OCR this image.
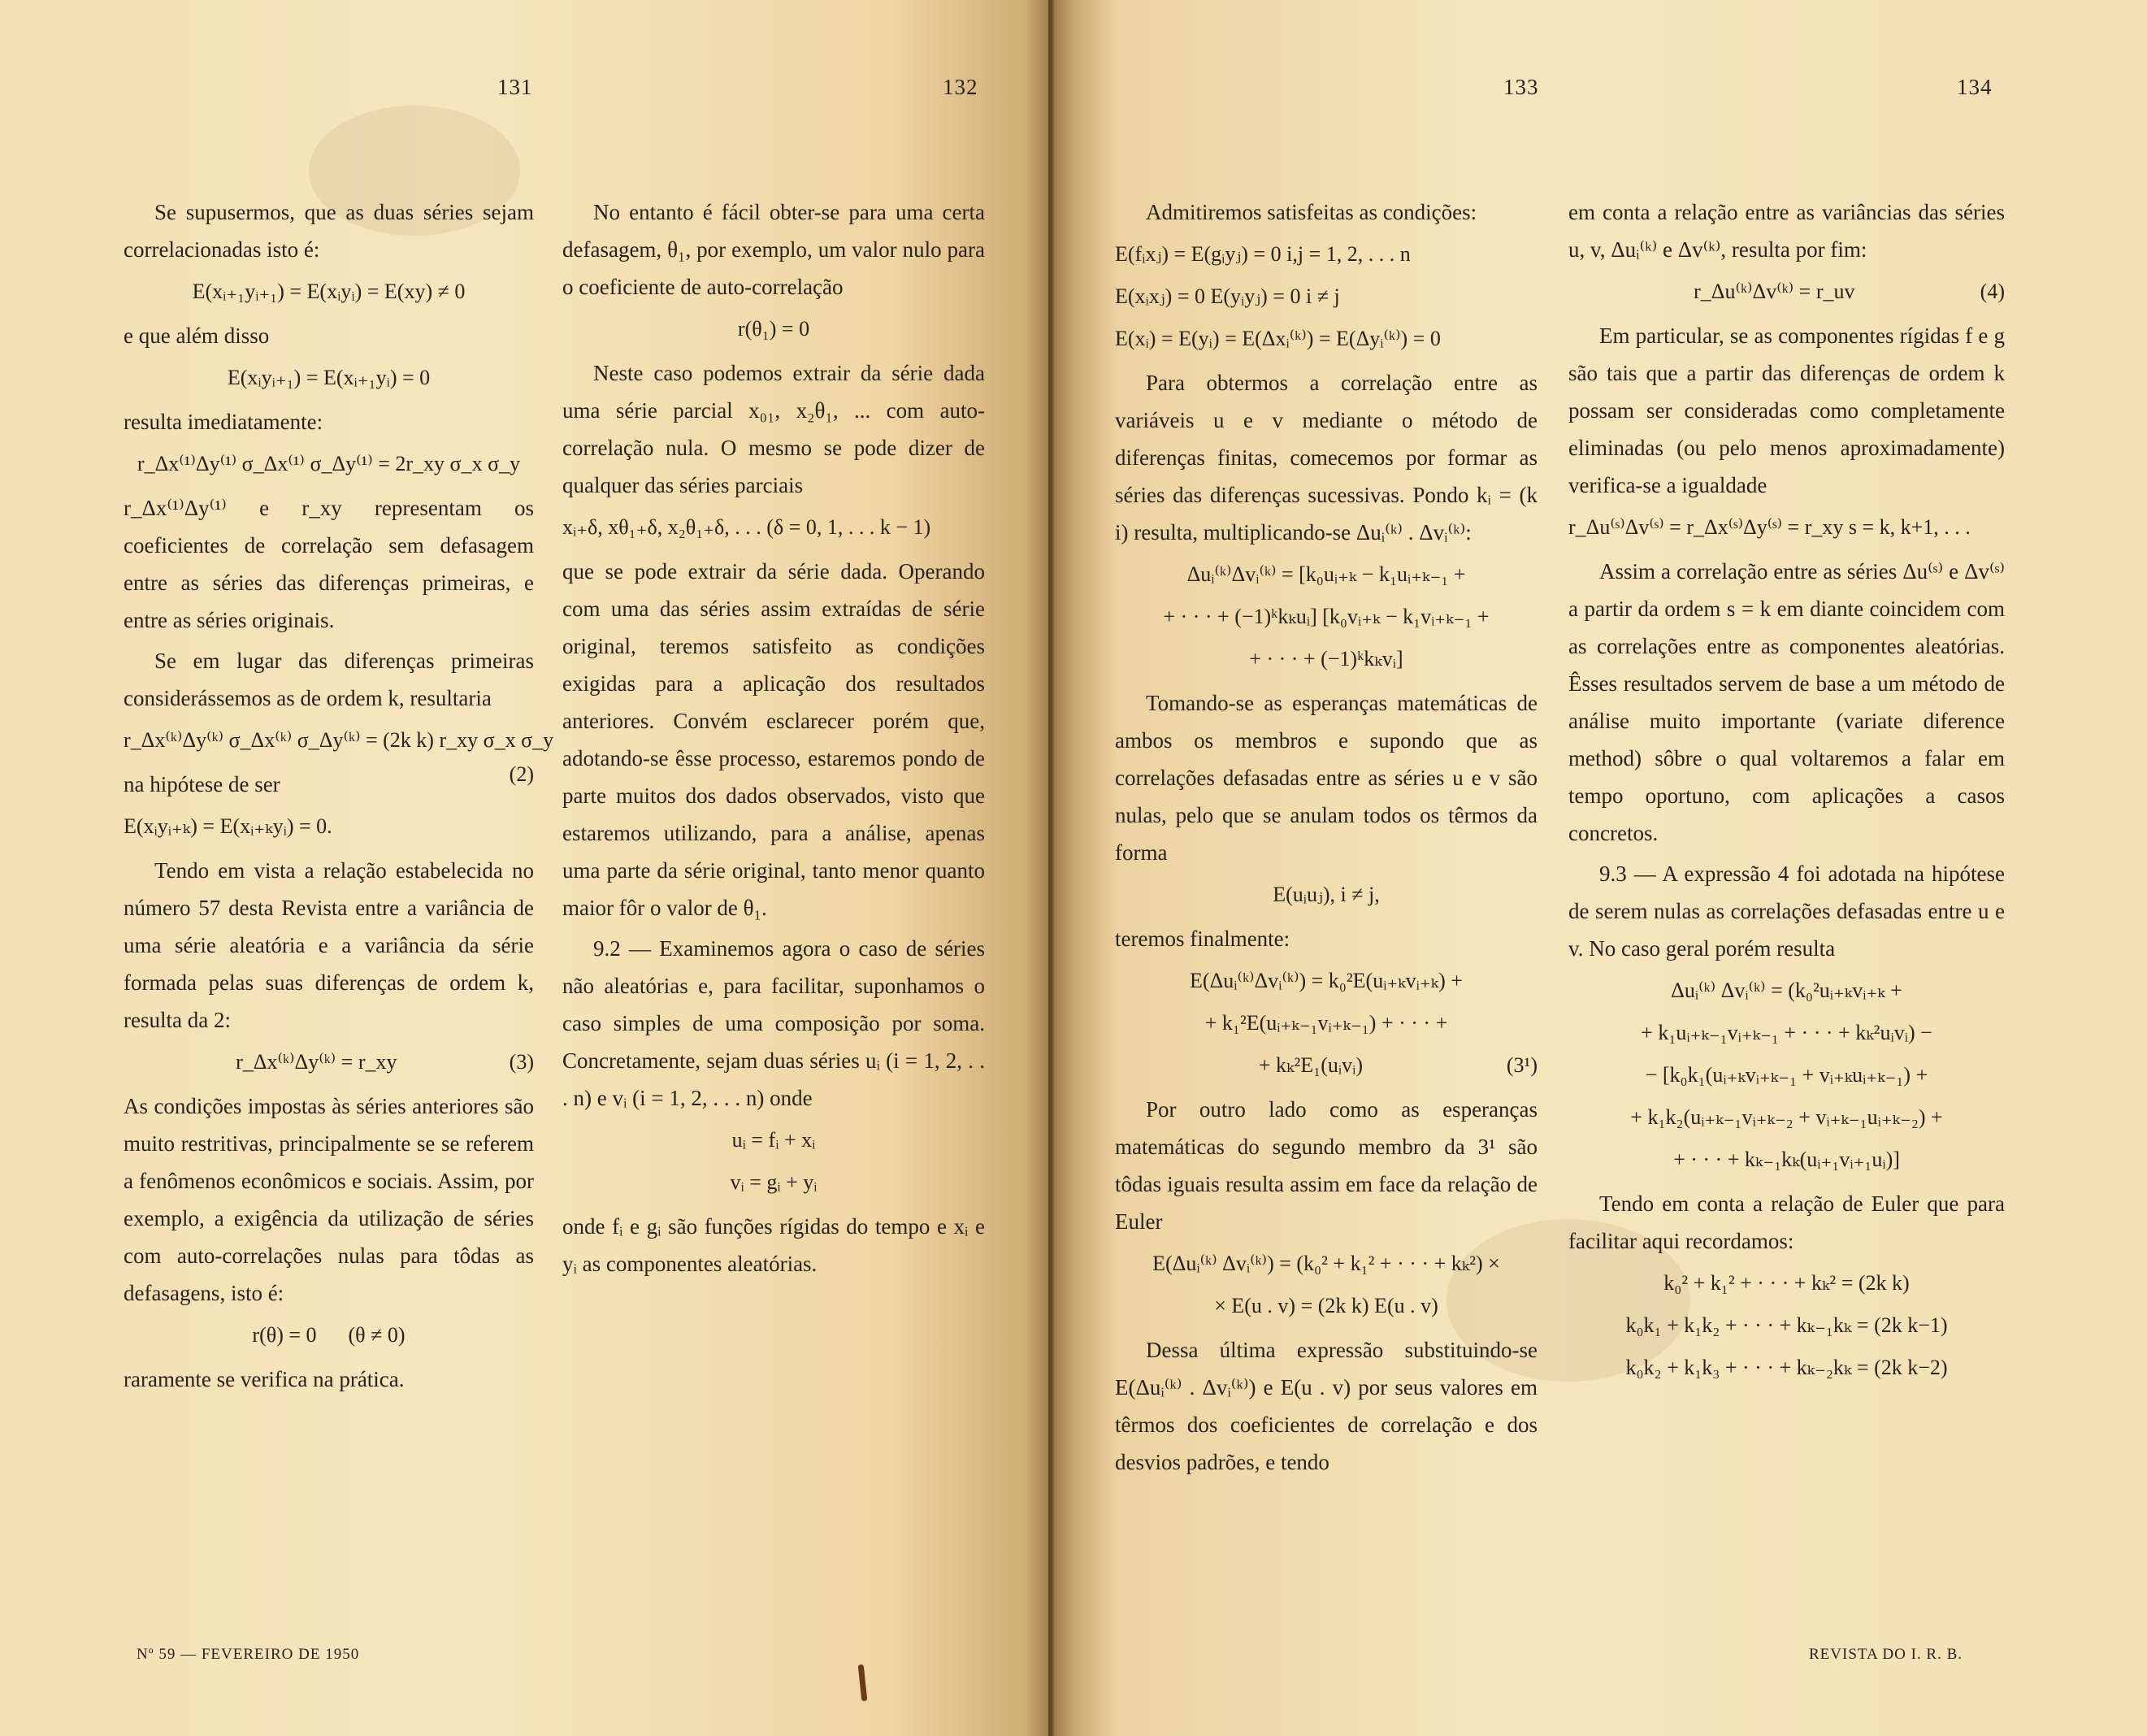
131

Se supusermos, que as duas séries sejam correlacionadas isto é:

E(xᵢ₊₁yᵢ₊₁) = E(xᵢyᵢ) = E(xy) ≠ 0

e que além disso

E(xᵢyᵢ₊₁) = E(xᵢ₊₁yᵢ) = 0

resulta imediatamente:

r_Δx⁽¹⁾Δy⁽¹⁾ σ_Δx⁽¹⁾ σ_Δy⁽¹⁾ = 2r_xy σ_x σ_y

r_Δx⁽¹⁾Δy⁽¹⁾ e r_xy representam os coeficientes de correlação sem defasagem entre as séries das diferenças primeiras, e entre as séries originais.

Se em lugar das diferenças primeiras considerássemos as de ordem k, resultaria

r_Δx⁽ᵏ⁾Δy⁽ᵏ⁾ σ_Δx⁽ᵏ⁾ σ_Δy⁽ᵏ⁾ = (2k k) r_xy σ_x σ_y
(2)

na hipótese de ser

E(xᵢyᵢ₊ₖ) = E(xᵢ₊ₖyᵢ) = 0.

Tendo em vista a relação estabelecida no número 57 desta Revista entre a variância de uma série aleatória e a variância da série formada pelas suas diferenças de ordem k, resulta da 2:

r_Δx⁽ᵏ⁾Δy⁽ᵏ⁾ = r_xy	(3)

As condições impostas às séries anteriores são muito restritivas, principalmente se se referem a fenômenos econômicos e sociais. Assim, por exemplo, a exigência da utilização de séries com auto-correlações nulas para tôdas as defasagens, isto é:

r(θ) = 0 (θ ≠ 0)

raramente se verifica na prática.

Nº 59 — FEVEREIRO DE 1950
132

No entanto é fácil obter-se para uma certa defasagem, θ₁, por exemplo, um valor nulo para o coeficiente de auto-correlação

r(θ₁) = 0

Neste caso podemos extrair da série dada uma série parcial x₀₁, x₂θ₁, ... com auto-correlação nula. O mesmo se pode dizer de qualquer das séries parciais

xᵢ₊δ, xθ₁₊δ, x₂θ₁₊δ, . . . (δ = 0, 1, . . . k − 1)

que se pode extrair da série dada. Operando com uma das séries assim extraídas de série original, teremos satisfeito as condições exigidas para a aplicação dos resultados anteriores. Convém esclarecer porém que, adotando-se êsse processo, estaremos pondo de parte muitos dos dados observados, visto que estaremos utilizando, para a análise, apenas uma parte da série original, tanto menor quanto maior fôr o valor de θ₁.

9.2 — Examinemos agora o caso de séries não aleatórias e, para facilitar, suponhamos o caso simples de uma composição por soma. Concretamente, sejam duas séries uᵢ (i = 1, 2, . . . n) e vᵢ (i = 1, 2, . . . n) onde

uᵢ = fᵢ + xᵢ
vᵢ = gᵢ + yᵢ

onde fᵢ e gᵢ são funções rígidas do tempo e xᵢ e yᵢ as componentes aleatórias.

133

Admitiremos satisfeitas as condições:

E(fᵢxⱼ) = E(gᵢyⱼ) = 0 i,j = 1, 2, . . . n
E(xᵢxⱼ) = 0 E(yᵢyⱼ) = 0 i ≠ j
E(xᵢ) = E(yᵢ) = E(Δxᵢ⁽ᵏ⁾) = E(Δyᵢ⁽ᵏ⁾) = 0

Para obtermos a correlação entre as variáveis u e v mediante o método de diferenças finitas, comecemos por formar as séries das diferenças sucessivas. Pondo kᵢ = (k i) resulta, multiplicando-se Δuᵢ⁽ᵏ⁾ . Δvᵢ⁽ᵏ⁾:

Δuᵢ⁽ᵏ⁾Δvᵢ⁽ᵏ⁾ = [k₀uᵢ₊ₖ − k₁uᵢ₊ₖ₋₁ +
+ · · · + (−1)ᵏkₖuᵢ] [k₀vᵢ₊ₖ − k₁vᵢ₊ₖ₋₁ +
+ · · · + (−1)ᵏkₖvᵢ]

Tomando-se as esperanças matemáticas de ambos os membros e supondo que as correlações defasadas entre as séries u e v são nulas, pelo que se anulam todos os têrmos da forma

E(uᵢuⱼ), i ≠ j,

teremos finalmente:

E(Δuᵢ⁽ᵏ⁾Δvᵢ⁽ᵏ⁾) = k₀²E(uᵢ₊ₖvᵢ₊ₖ) +
+ k₁²E(uᵢ₊ₖ₋₁vᵢ₊ₖ₋₁) + · · · +
+ kₖ²E₁(uᵢvᵢ)	(3¹)

Por outro lado como as esperanças matemáticas do segundo membro da 3¹ são tôdas iguais resulta assim em face da relação de Euler

E(Δuᵢ⁽ᵏ⁾ Δvᵢ⁽ᵏ⁾) = (k₀² + k₁² + · · · + kₖ²) ×
× E(u . v) = (2k k) E(u . v)

Dessa última expressão substituindo-se E(Δuᵢ⁽ᵏ⁾ . Δvᵢ⁽ᵏ⁾) e E(u . v) por seus valores em têrmos dos coeficientes de correlação e dos desvios padrões, e tendo

134

em conta a relação entre as variâncias das séries u, v, Δuᵢ⁽ᵏ⁾ e Δv⁽ᵏ⁾, resulta por fim:

r_Δu⁽ᵏ⁾Δv⁽ᵏ⁾ = r_uv	(4)

Em particular, se as componentes rígidas f e g são tais que a partir das diferenças de ordem k possam ser consideradas como completamente eliminadas (ou pelo menos aproximadamente) verifica-se a igualdade

r_Δu⁽ˢ⁾Δv⁽ˢ⁾ = r_Δx⁽ˢ⁾Δy⁽ˢ⁾ = r_xy s = k, k+1, . . .

Assim a correlação entre as séries Δu⁽ˢ⁾ e Δv⁽ˢ⁾ a partir da ordem s = k em diante coincidem com as correlações entre as componentes aleatórias. Êsses resultados servem de base a um método de análise muito importante (variate diference method) sôbre o qual voltaremos a falar em tempo oportuno, com aplicações a casos concretos.

9.3 — A expressão 4 foi adotada na hipótese de serem nulas as correlações defasadas entre u e v. No caso geral porém resulta

Δuᵢ⁽ᵏ⁾ Δvᵢ⁽ᵏ⁾ = (k₀²uᵢ₊ₖvᵢ₊ₖ +
+ k₁uᵢ₊ₖ₋₁vᵢ₊ₖ₋₁ + · · · + kₖ²uᵢvᵢ) −
− [k₀k₁(uᵢ₊ₖvᵢ₊ₖ₋₁ + vᵢ₊ₖuᵢ₊ₖ₋₁) +
+ k₁k₂(uᵢ₊ₖ₋₁vᵢ₊ₖ₋₂ + vᵢ₊ₖ₋₁uᵢ₊ₖ₋₂) +
+ · · · + kₖ₋₁kₖ(uᵢ₊₁vᵢ₊₁uᵢ)]

Tendo em conta a relação de Euler que para facilitar aqui recordamos:

k₀² + k₁² + · · · + kₖ² = (2k k)
k₀k₁ + k₁k₂ + · · · + kₖ₋₁kₖ = (2k k−1)
k₀k₂ + k₁k₃ + · · · + kₖ₋₂kₖ = (2k k−2)
REVISTA DO I. R. B.
